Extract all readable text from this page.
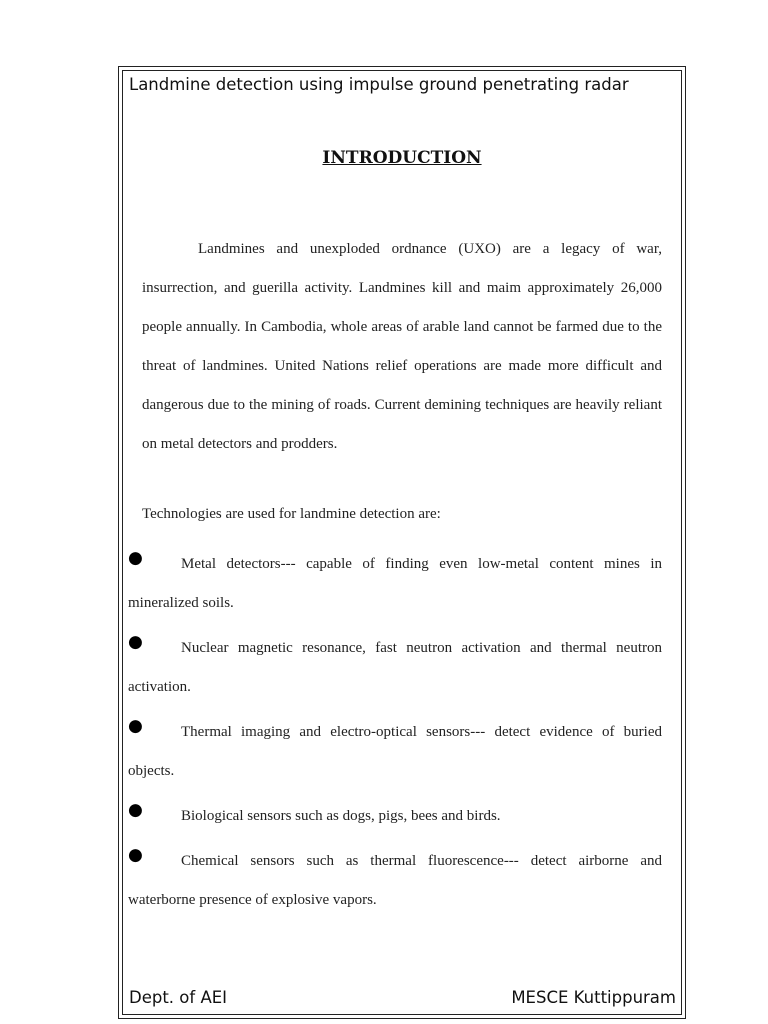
Landmine detection using impulse ground penetrating radar
INTRODUCTION

Landmines and unexploded ordnance (UXO) are a legacy of war, insurrection, and guerilla activity. Landmines kill and maim approximately 26,000 people annually. In Cambodia, whole areas of arable land cannot be farmed due to the threat of landmines. United Nations relief operations are made more difficult and dangerous due to the mining of roads. Current demining techniques are heavily reliant on metal detectors and prodders.

Technologies are used for landmine detection are:

●	Metal detectors--- capable of finding even low-metal content mines in mineralized soils.
●	Nuclear magnetic resonance, fast neutron activation and thermal neutron activation.
●	Thermal imaging and electro-optical sensors--- detect evidence of buried objects.
●	Biological sensors such as dogs, pigs, bees and birds.
●	Chemical sensors such as thermal fluorescence--- detect airborne and waterborne presence of explosive vapors.
Dept. of AEI	MESCE Kuttippuram
